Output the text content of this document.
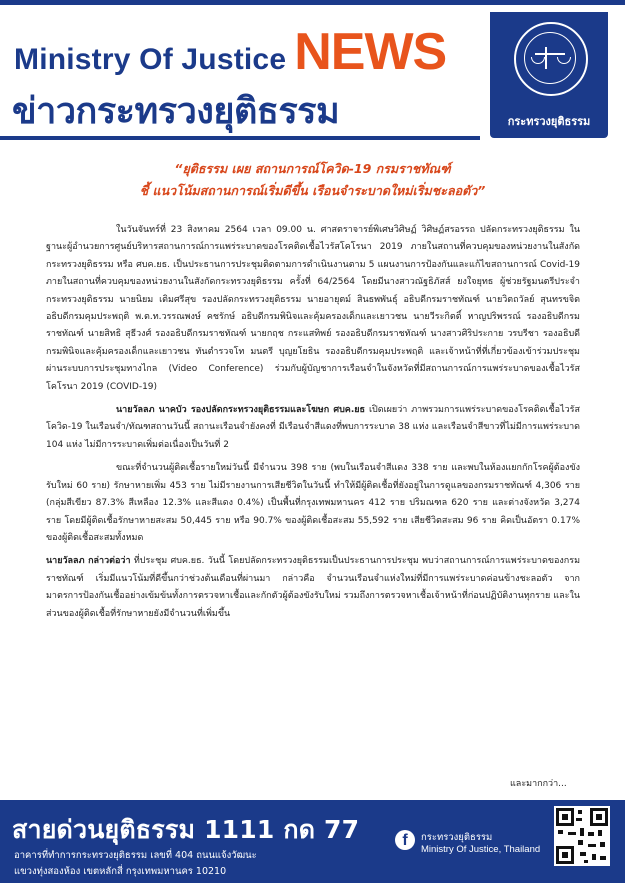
Ministry Of Justice NEWS
ข่าวกระทรวงยุติธรรม	กระทรวงยุติธรรม
“ยุติธรรม เผย สถานการณ์โควิด-19 กรมราชทัณฑ์
ชี้ แนวโน้มสถานการณ์เริ่มดีขึ้น เรือนจำระบาดใหม่เริ่มชะลอตัว”

ในวันจันทร์ที่ 23 สิงหาคม 2564 เวลา 09.00 น. ศาสตราจารย์พิเศษวิศิษฏ์ วิศิษฏ์สรอรรถ ปลัดกระทรวงยุติธรรม ในฐานะผู้อำนวยการศูนย์บริหารสถานการณ์การแพร่ระบาดของโรคติดเชื้อไวรัสโคโรนา 2019 ภายในสถานที่ควบคุมของหน่วยงานในสังกัดกระทรวงยุติธรรม หรือ ศบค.ยธ. เป็นประธานการประชุมติดตามการดำเนินงานตาม 5 แผนงานการป้องกันและแก้ไขสถานการณ์ Covid-19 ภายในสถานที่ควบคุมของหน่วยงานในสังกัดกระทรวงยุติธรรม ครั้งที่ 64/2564 โดยมีนางสาวณัฐธิภัสส์ ยงใจยุทธ ผู้ช่วยรัฐมนตรีประจำกระทรวงยุติธรรม นายนิยม เติมศรีสุข รองปลัดกระทรวงยุติธรรม นายอายุตม์ สินธพพันธุ์ อธิบดีกรมราชทัณฑ์ นายวิตถวัลย์ สุนทรขจิต อธิบดีกรมคุมประพฤติ พ.ต.ท.วรรณพงษ์ คชรักษ์ อธิบดีกรมพินิจและคุ้มครองเด็กและเยาวชน นายวีระกิตติ์ หาญปริพรรณ์ รองอธิบดีกรมราชทัณฑ์ นายสิทธิ สุธีวงศ์ รองอธิบดีกรมราชทัณฑ์ นายกฤช กระแสทิพย์ รองอธิบดีกรมราชทัณฑ์ นางสาวศิริประกาย วรบรีชา รองอธิบดีกรมพินิจและคุ้มครองเด็กและเยาวชน ทันตำรวจโท มนตรี บุญยโยธิน รองอธิบดีกรมคุมประพฤติ และเจ้าหน้าที่ที่เกี่ยวข้องเข้าร่วมประชุม ผ่านระบบการประชุมทางไกล (Video Conference) ร่วมกับผู้บัญชาการเรือนจำในจังหวัดที่มีสถานการณ์การแพร่ระบาดของเชื้อไวรัสโคโรนา 2019 (COVID-19)

นายวัลลภ นาคบัว รองปลัดกระทรวงยุติธรรมและโฆษก ศบค.ยธ เปิดเผยว่า ภาพรวมการแพร่ระบาดของโรคติดเชื้อไวรัสโควิด-19 ในเรือนจำ/ทัณฑสถานวันนี้ สถานะเรือนจำยังคงที่ มีเรือนจำสีแดงที่พบการระบาด 38 แห่ง และเรือนจำสีขาวที่ไม่มีการแพร่ระบาด 104 แห่ง ไม่มีการระบาดเพิ่มต่อเนื่องเป็นวันที่ 2

ขณะที่จำนวนผู้ติดเชื้อรายใหม่วันนี้ มีจำนวน 398 ราย (พบในเรือนจำสีแดง 338 ราย และพบในห้องแยกกักโรคผู้ต้องขังรับใหม่ 60 ราย) รักษาหายเพิ่ม 453 ราย ไม่มีรายงานการเสียชีวิตในวันนี้ ทำให้มีผู้ติดเชื้อที่ยังอยู่ในการดูแลของกรมราชทัณฑ์ 4,306 ราย (กลุ่มสีเขียว 87.3% สีเหลือง 12.3% และสีแดง 0.4%) เป็นพื้นที่กรุงเทพมหานคร 412 ราย ปริมณฑล 620 ราย และต่างจังหวัด 3,274 ราย โดยมีผู้ติดเชื้อรักษาหายสะสม 50,445 ราย หรือ 90.7% ของผู้ติดเชื้อสะสม 55,592 ราย เสียชีวิตสะสม 96 ราย คิดเป็นอัตรา 0.17% ของผู้ติดเชื้อสะสมทั้งหมด

นายวัลลภ กล่าวต่อว่า ที่ประชุม ศบค.ยธ. วันนี้ โดยปลัดกระทรวงยุติธรรมเป็นประธานการประชุม พบว่าสถานการณ์การแพร่ระบาดของกรมราชทัณฑ์ เริ่มมีแนวโน้มที่ดีขึ้นกว่าช่วงต้นเดือนที่ผ่านมา กล่าวคือ จำนวนเรือนจำแห่งใหม่ที่มีการแพร่ระบาดค่อนข้างชะลอตัว จากมาตรการป้องกันเชื้ออย่างเข้มข้นทั้งการตรวจหาเชื้อและกักตัวผู้ต้องขังรับใหม่ รวมถึงการตรวจหาเชื้อเจ้าหน้าที่ก่อนปฏิบัติงานทุกราย และในส่วนของผู้ติดเชื้อที่รักษาหายยังมีจำนวนที่เพิ่มขึ้น

และมากกว่า...
สายด่วนยุติธรรม 1111 กด 77
อาคารที่ทำการกระทรวงยุติธรรม เลขที่ 404 ถนนแจ้งวัฒนะ
แขวงทุ่งสองห้อง เขตหลักสี่ กรุงเทพมหานคร 10210
f	กระทรวงยุติธรรม
Ministry Of Justice, Thailand
